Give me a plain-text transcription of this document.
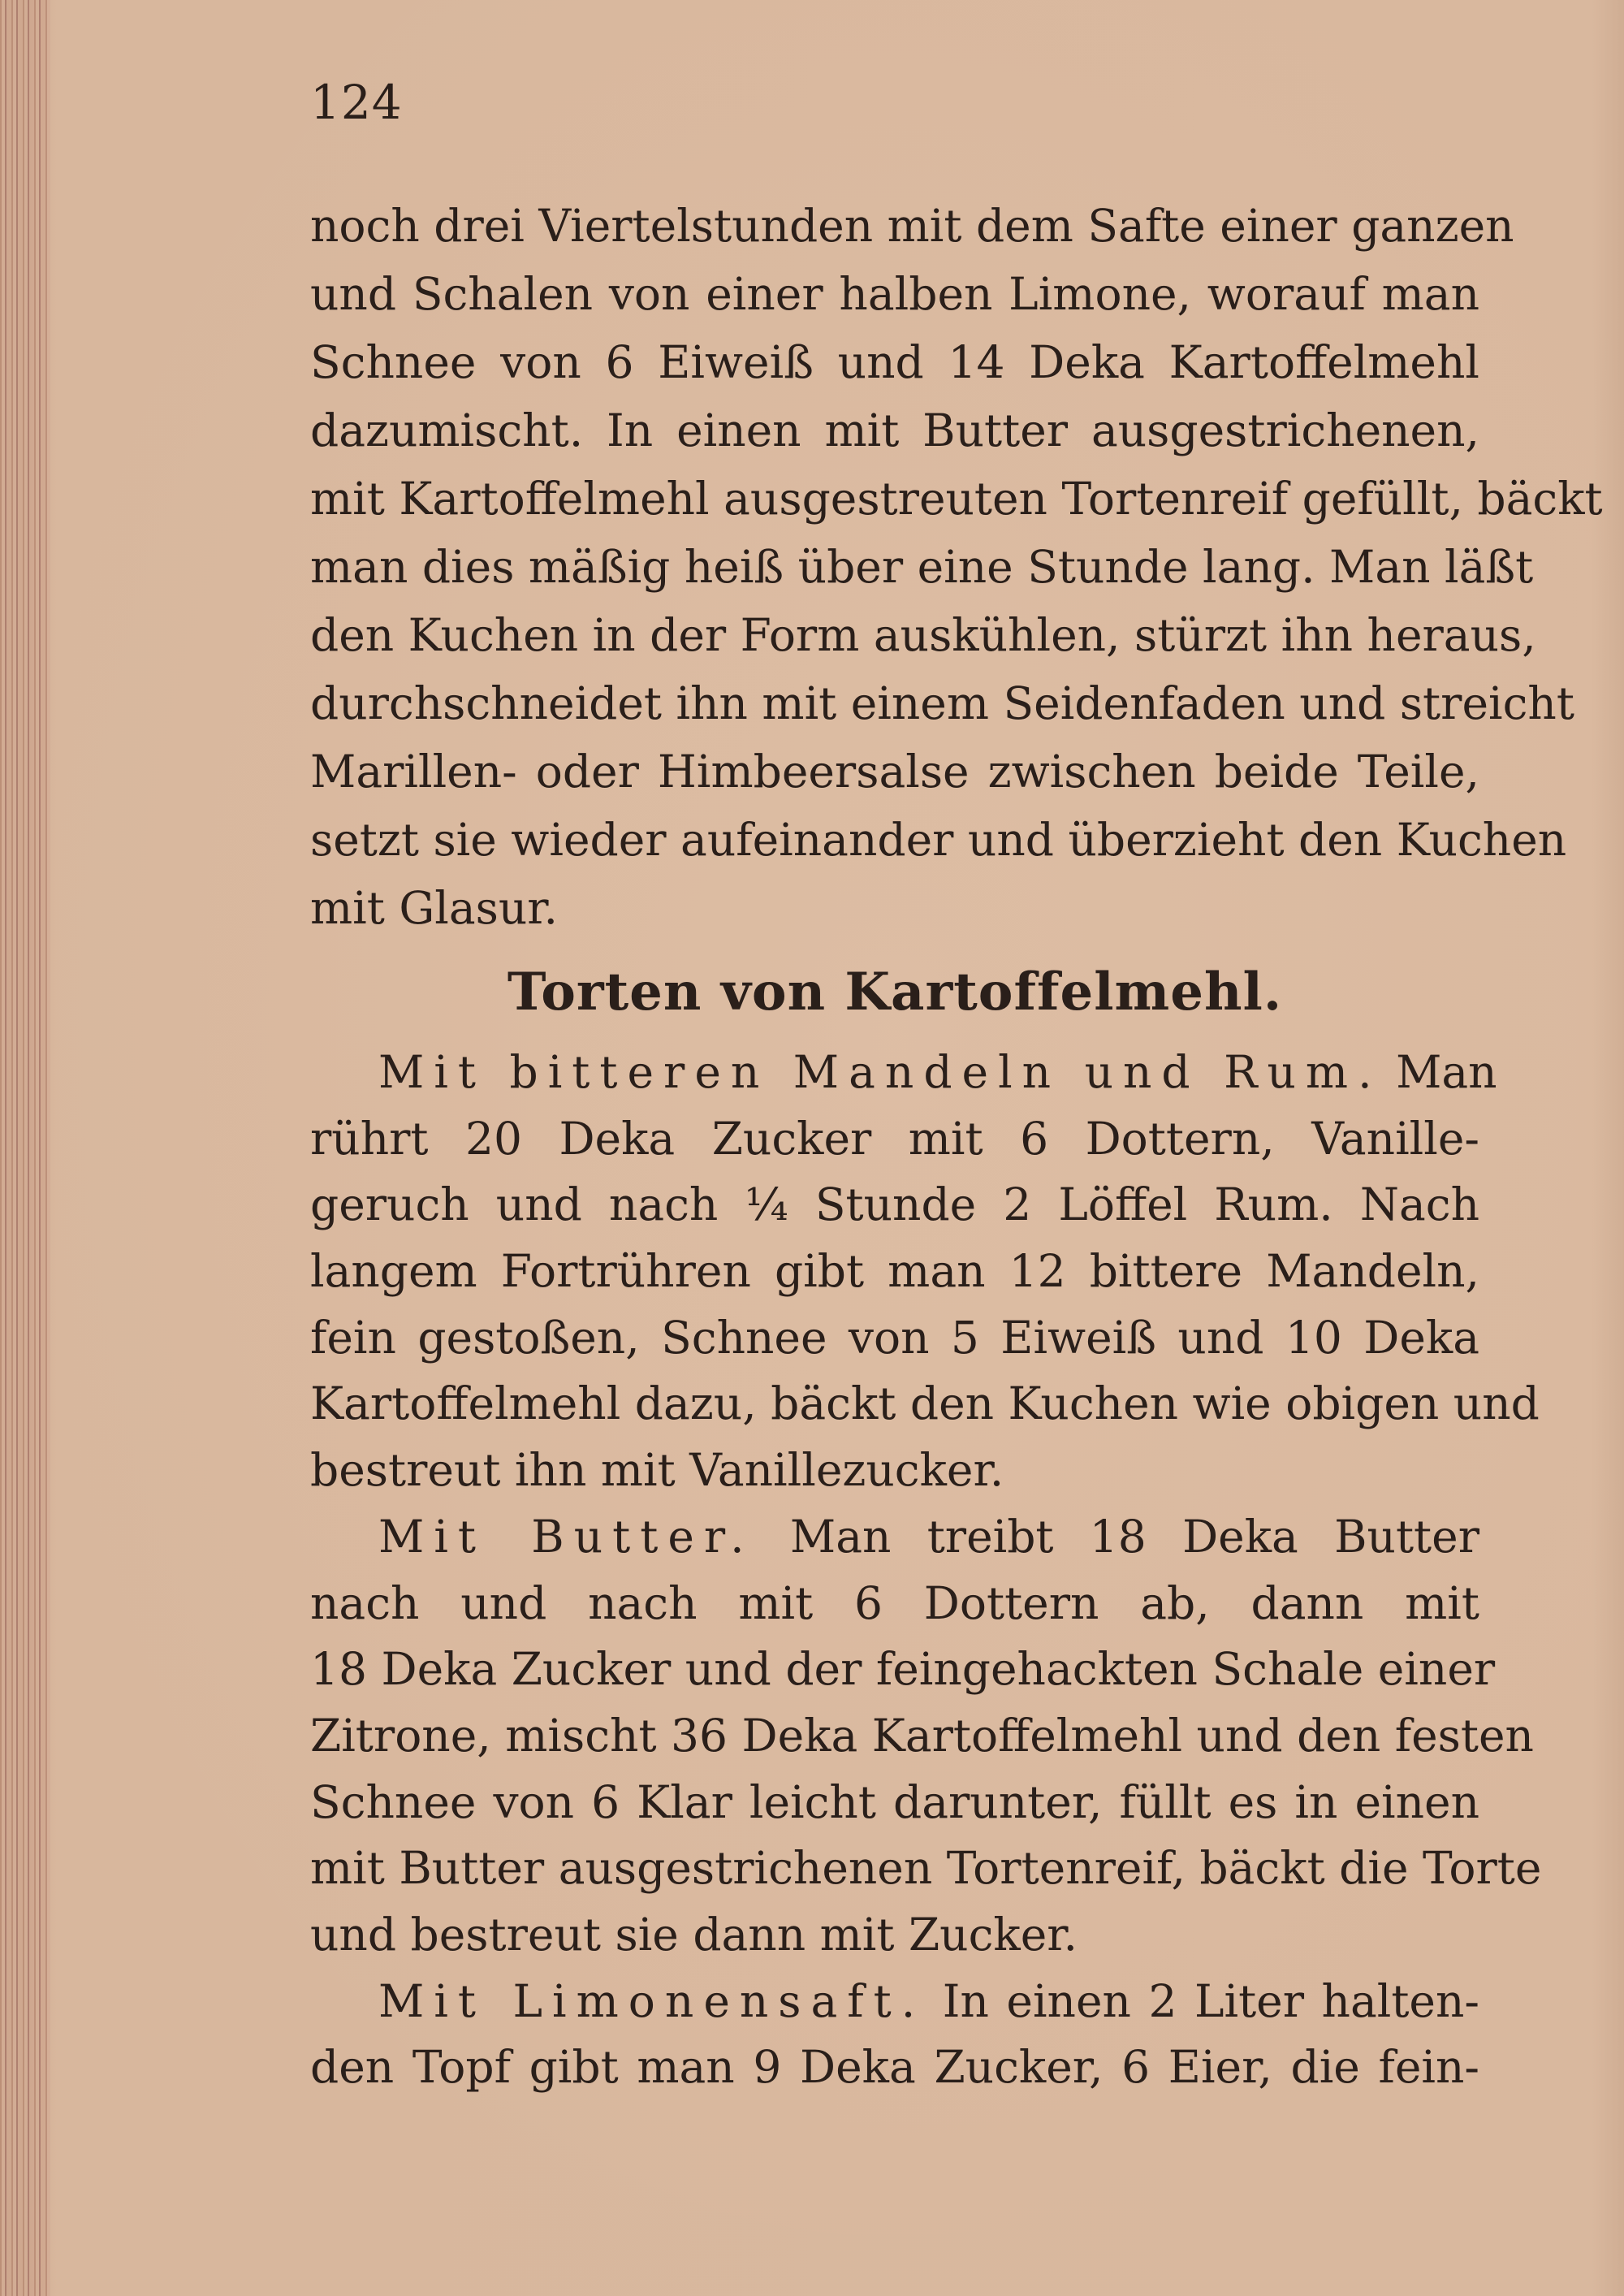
124
noch drei Viertelstunden mit dem Safte einer ganzen
und Schalen von einer halben Limone, worauf man
Schnee von 6 Eiweiß und 14 Deka Kartoffelmehl
dazumischt. In einen mit Butter ausgestrichenen,
mit Kartoffelmehl ausgestreuten Tortenreif gefüllt, bäckt
man dies mäßig heiß über eine Stunde lang. Man läßt
den Kuchen in der Form auskühlen, stürzt ihn heraus,
durchschneidet ihn mit einem Seidenfaden und streicht
Marillen- oder Himbeersalse zwischen beide Teile,
setzt sie wieder aufeinander und überzieht den Kuchen
mit Glasur.
Torten von Kartoffelmehl.
Mit bitteren Mandeln und Rum. Man
rührt 20 Deka Zucker mit 6 Dottern, Vanille-
geruch und nach ¼ Stunde 2 Löffel Rum. Nach
langem Fortrühren gibt man 12 bittere Mandeln,
fein gestoßen, Schnee von 5 Eiweiß und 10 Deka
Kartoffelmehl dazu, bäckt den Kuchen wie obigen und
bestreut ihn mit Vanillezucker.
Mit Butter. Man treibt 18 Deka Butter
nach und nach mit 6 Dottern ab, dann mit
18 Deka Zucker und der feingehackten Schale einer
Zitrone, mischt 36 Deka Kartoffelmehl und den festen
Schnee von 6 Klar leicht darunter, füllt es in einen
mit Butter ausgestrichenen Tortenreif, bäckt die Torte
und bestreut sie dann mit Zucker.
Mit Limonensaft. In einen 2 Liter halten-
den Topf gibt man 9 Deka Zucker, 6 Eier, die fein-
